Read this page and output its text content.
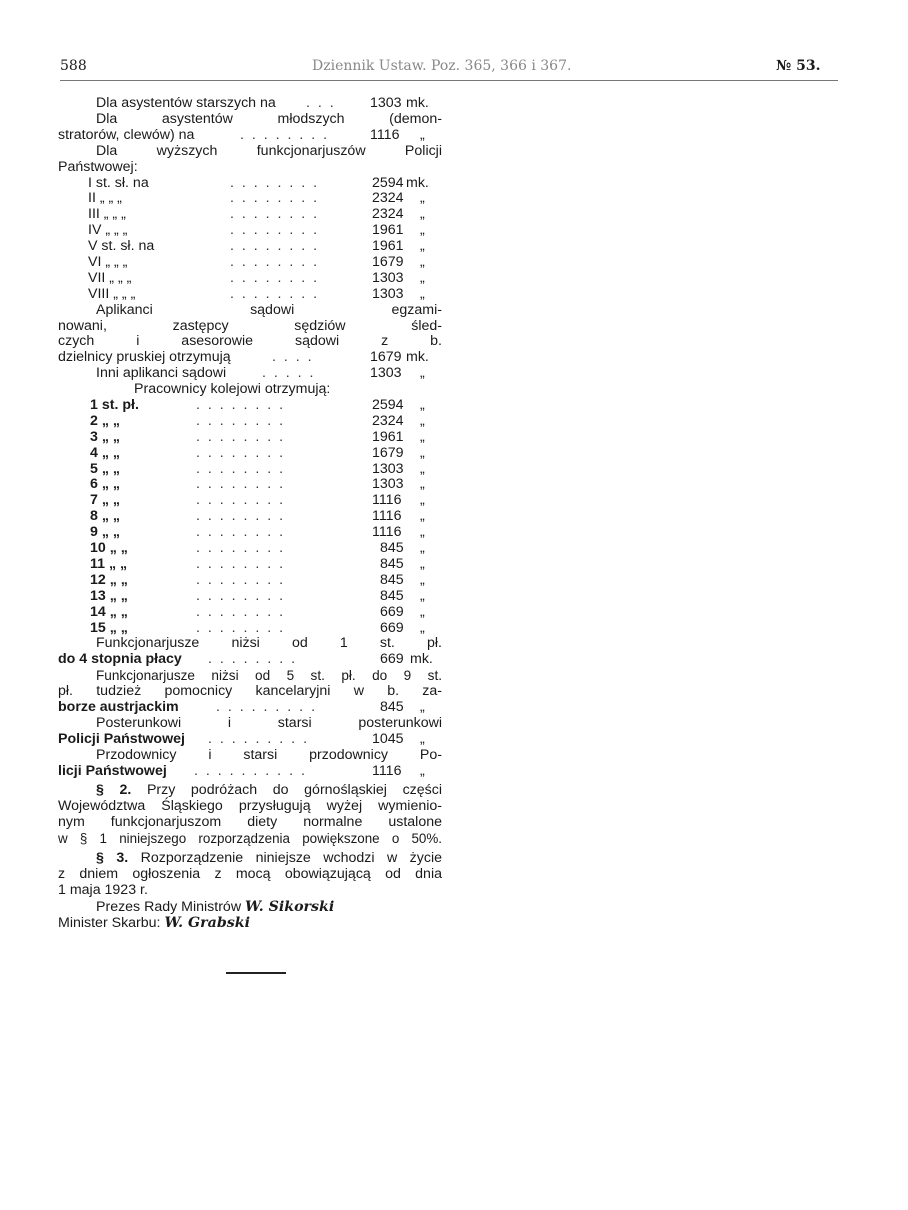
588	Dziennik Ustaw. Poz. 365, 366 i 367.	№ 53.
Dla asystentów starszych na . . . 1303 mk.
Dla asystentów młodszych (demon-
stratorów, clewów) na	. . . . . . . .	1116 „
Dla wyższych funkcjonarjuszów Policji
Państwowej:
I st. sł. na	. . . . . . . .	2594 mk.
II „ „ „	. . . . . . . .	2324 „
III „ „ „	. . . . . . . .	2324 „
IV „ „ „	. . . . . . . .	1961 „
V st. sł. na	. . . . . . . .	1961 „
VI „ „ „	. . . . . . . .	1679 „
VII „ „ „	. . . . . . . .	1303 „
VIII „ „ „	. . . . . . . .	1303 „
Aplikanci sądowi egzami-
nowani, zastępcy sędziów śled-
czych i asesorowie sądowi z b.
dzielnicy pruskiej otrzymują	. . . .	1679 mk.
Inni aplikanci sądowi	. . . . .	1303 „
Pracownicy kolejowi otrzymują:
1 st. pł.	. . . . . . . .	2594 „
2 „ „	. . . . . . . .	2324 „
3 „ „	. . . . . . . .	1961 „
4 „ „	. . . . . . . .	1679 „
5 „ „	. . . . . . . .	1303 „
6 „ „	. . . . . . . .	1303 „
7 „ „	. . . . . . . .	1116 „
8 „ „	. . . . . . . .	1116 „
9 „ „	. . . . . . . .	1116 „
10 „ „	. . . . . . . .	845 „
11 „ „	. . . . . . . .	845 „
12 „ „	. . . . . . . .	845 „
13 „ „	. . . . . . . .	845 „
14 „ „	. . . . . . . .	669 „
15 „ „	. . . . . . . .	669 „
Funkcjonarjusze niżsi od 1 st. pł.
do 4 stopnia płacy . . . . . . . .	669 mk.
Funkcjonarjusze niżsi od 5 st. pł. do 9 st.
pł. tudzież pomocnicy kancelaryjni w b. za-
borze austrjackim	. . . . . . . . .	845 „
Posterunkowi i starsi posterunkowi
Policji Państwowej . . . . . . . . .	1045 „
Przodownicy i starsi przodownicy Po-
licji Państwowej . . . . . . . . . .	1116 „
§ 2. Przy podróżach do górnośląskiej części
Województwa Śląskiego przysługują wyżej wymienio-
nym funkcjonarjuszom diety normalne ustalone
w § 1 niniejszego rozporządzenia powiększone o 50%.
§ 3. Rozporządzenie niniejsze wchodzi w życie
z dniem ogłoszenia z mocą obowiązującą od dnia
1 maja 1923 r.
Prezes Rady Ministrów W. Sikorski
Minister Skarbu: W. Grabski
